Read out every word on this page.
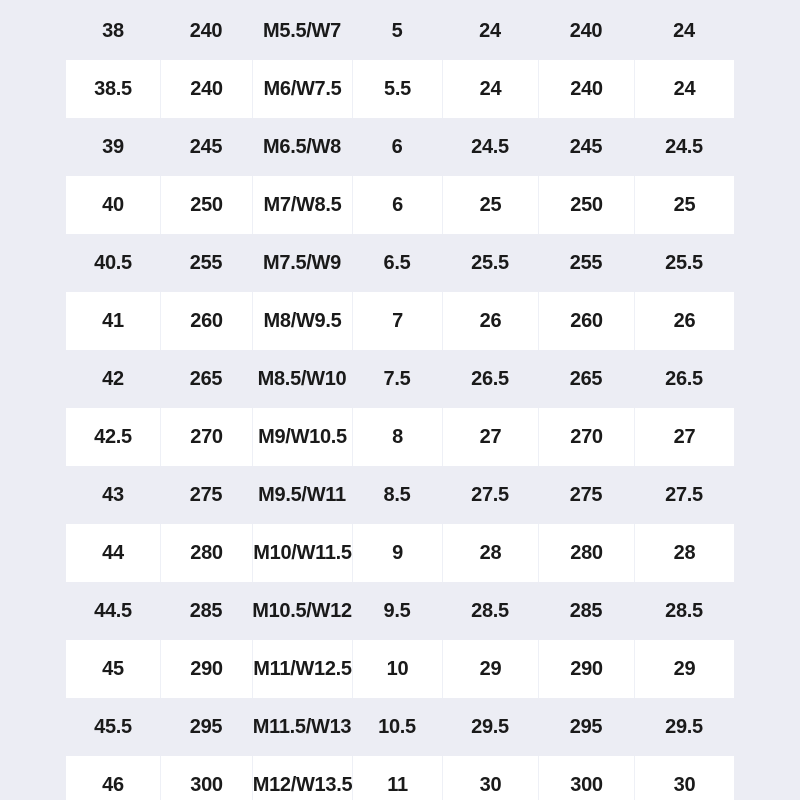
38	240	M5.5/W7	5	24	240	24
38.5	240	M6/W7.5	5.5	24	240	24
39	245	M6.5/W8	6	24.5	245	24.5
40	250	M7/W8.5	6	25	250	25
40.5	255	M7.5/W9	6.5	25.5	255	25.5
41	260	M8/W9.5	7	26	260	26
42	265	M8.5/W10	7.5	26.5	265	26.5
42.5	270	M9/W10.5	8	27	270	27
43	275	M9.5/W11	8.5	27.5	275	27.5
44	280	M10/W11.5	9	28	280	28
44.5	285	M10.5/W12	9.5	28.5	285	28.5
45	290	M11/W12.5	10	29	290	29
45.5	295	M11.5/W13	10.5	29.5	295	29.5
46	300	M12/W13.5	11	30	300	30
